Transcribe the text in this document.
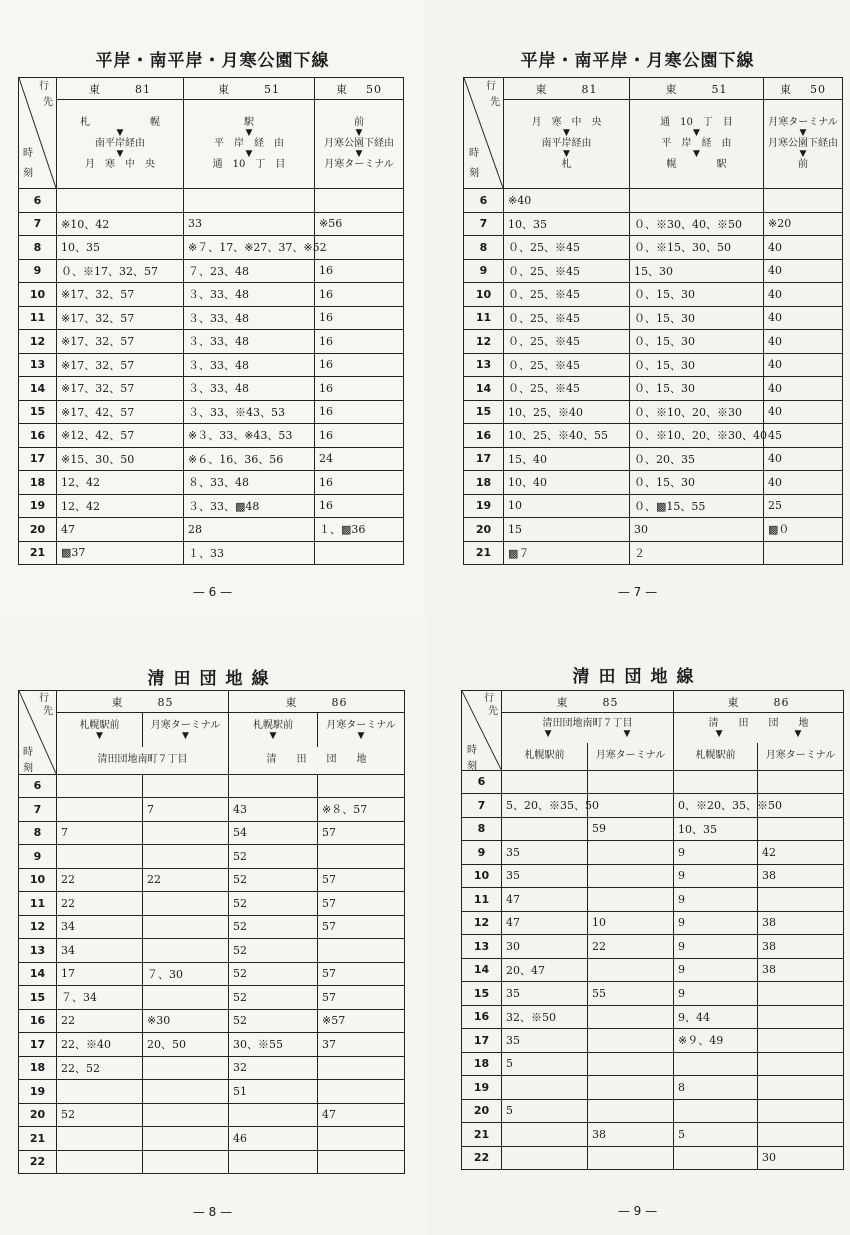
平岸・南平岸・月寒公園下線
行
先
時
刻	東 81	東 51	東 50

	札　　　　　　幌
▼
南平岸経由
▼
月　寒　中　央	駅
▼
平　岸　経　由
▼
通　10　丁　目	前
▼
月寒公園下経由
▼
月寒ターミナル

6			
7	※10、42	33	※56
8	10、35	※７、17、※27、37、※52	
9	０、※17、32、57	７、23、48	16
10	※17、32、57	３、33、48	16
11	※17、32、57	３、33、48	16
12	※17、32、57	３、33、48	16
13	※17、32、57	３、33、48	16
14	※17、32、57	３、33、48	16
15	※17、42、57	３、33、※43、53	16
16	※12、42、57	※３、33、※43、53	16
17	※15、30、50	※６、16、36、56	24
18	12、42	８、33、48	16
19	12、42	３、33、▩48	16
20	47	28	１、▩36
21	▩37	１、33	
— 6 —
平岸・南平岸・月寒公園下線
行
先
時
刻	東 81	東 51	東 50

	月　寒　中　央
▼
南平岸経由
▼
札	通　10　丁　目
▼
平　岸　経　由
▼
幌　　　　駅	月寒ターミナル
▼
月寒公園下経由
▼
前

6	※40		
7	10、35	０、※30、40、※50	※20
8	０、25、※45	０、※15、30、50	40
9	０、25、※45	15、30	40
10	０、25、※45	０、15、30	40
11	０、25、※45	０、15、30	40
12	０、25、※45	０、15、30	40
13	０、25、※45	０、15、30	40
14	０、25、※45	０、15、30	40
15	10、25、※40	０、※10、20、※30	40
16	10、25、※40、55	０、※10、20、※30、40	45
17	15、40	０、20、35	40
18	10、40	０、15、30	40
19	10	０、▩15、55	25
20	15	30	▩０
21	▩７	２	
— 7 —
清田団地線
行
先
時
刻	東 85		東 86	

	札幌駅前
▼	月寒ターミナル
▼	札幌駅前
▼	月寒ターミナル
▼

	清田団地南町７丁目		清　　田　　団　　地	

6				
7		7	43	※８、57
8	7		54	57
9			52	
10	22	22	52	57
11	22		52	57
12	34		52	57
13	34		52	
14	17	７、30	52	57
15	７、34		52	57
16	22	※30	52	※57
17	22、※40	20、50	30、※55	37
18	22、52		32	
19			51	
20	52			47
21			46	
22				
— 8 —
清田団地線
行
先
時
刻	東 85		東 86	

	清田団地南町７丁目
▼　　　　　　　　▼		清　　田　　団　　地
▼　　　　　　　　▼	

	札幌駅前	月寒ターミナル	札幌駅前	月寒ターミナル

6				
7	5、20、※35、50		0、※20、35、※50	
8		59	10、35	
9	35		9	42
10	35		9	38
11	47		9	
12	47	10	9	38
13	30	22	9	38
14	20、47		9	38
15	35	55	9	
16	32、※50		9、44	
17	35		※９、49	
18	5			
19			8	
20	5			
21		38	5	
22				30
— 9 —
